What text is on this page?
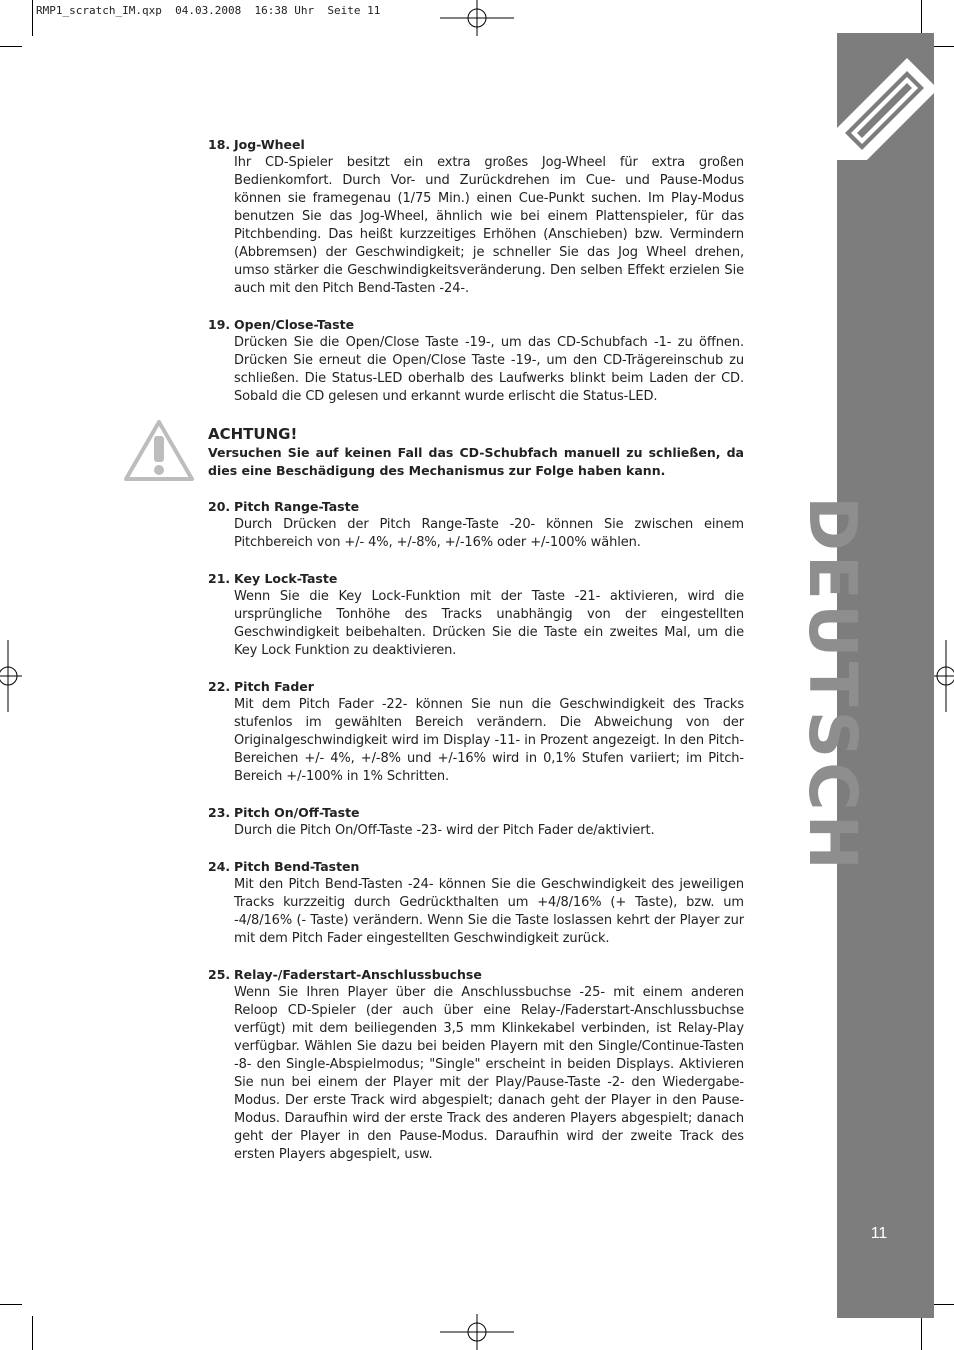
RMP1_scratch_IM.qxp  04.03.2008  16:38 Uhr  Seite 11
DEUTSCH
11
18. Jog-Wheel
Ihr CD-Spieler besitzt ein extra großes Jog-Wheel für extra großen Bedienkomfort. Durch Vor- und Zurückdrehen im Cue- und Pause-Modus können sie framegenau (1/75 Min.) einen Cue-Punkt suchen. Im Play-Modus benutzen Sie das Jog-Wheel, ähnlich wie bei einem Plattenspieler, für das Pitchbending. Das heißt kurzzeitiges Erhöhen (Anschieben) bzw. Vermindern (Abbremsen) der Geschwindigkeit; je schneller Sie das Jog Wheel drehen, umso stärker die Geschwindigkeitsveränderung. Den selben Effekt erzielen Sie auch mit den Pitch Bend-Tasten -24-.
19. Open/Close-Taste
Drücken Sie die Open/Close Taste -19-, um das CD-Schubfach -1- zu öffnen. Drücken Sie erneut die Open/Close Taste -19-, um den CD-Trägereinschub zu schließen. Die Status-LED oberhalb des Laufwerks blinkt beim Laden der CD. Sobald die CD gelesen und erkannt wurde erlischt die Status-LED.
ACHTUNG!
Versuchen Sie auf keinen Fall das CD-Schubfach manuell zu schließen, da dies eine Beschädigung des Mechanismus zur Folge haben kann.
20. Pitch Range-Taste
Durch Drücken der Pitch Range-Taste -20- können Sie zwischen einem Pitchbereich von +/- 4%, +/-8%, +/-16% oder +/-100% wählen.
21. Key Lock-Taste
Wenn Sie die Key Lock-Funktion mit der Taste -21- aktivieren, wird die ursprüngliche Tonhöhe des Tracks unabhängig von der eingestellten Geschwindigkeit beibehalten. Drücken Sie die Taste ein zweites Mal, um die Key Lock Funktion zu deaktivieren.
22. Pitch Fader
Mit dem Pitch Fader -22- können Sie nun die Geschwindigkeit des Tracks stufenlos im gewählten Bereich verändern. Die Abweichung von der Originalgeschwindigkeit wird im Display -11- in Prozent angezeigt. In den Pitch-Bereichen +/- 4%, +/-8% und +/-16% wird in 0,1% Stufen variiert; im Pitch-Bereich +/-100% in 1% Schritten.
23. Pitch On/Off-Taste
Durch die Pitch On/Off-Taste -23- wird der Pitch Fader de/aktiviert.
24. Pitch Bend-Tasten
Mit den Pitch Bend-Tasten -24- können Sie die Geschwindigkeit des jeweiligen Tracks kurzzeitig durch Gedrückthalten um +4/8/16% (+ Taste), bzw. um -4/8/16% (- Taste) verändern. Wenn Sie die Taste loslassen kehrt der Player zur mit dem Pitch Fader eingestellten Geschwindigkeit zurück.
25. Relay-/Faderstart-Anschlussbuchse
Wenn Sie Ihren Player über die Anschlussbuchse -25- mit einem anderen Reloop CD-Spieler (der auch über eine Relay-/Faderstart-Anschlussbuchse verfügt) mit dem beiliegenden 3,5 mm Klinkekabel verbinden, ist Relay-Play verfügbar. Wählen Sie dazu bei beiden Playern mit den Single/Continue-Tasten -8- den Single-Abspielmodus; "Single" erscheint in beiden Displays. Aktivieren Sie nun bei einem der Player mit der Play/Pause-Taste -2- den Wiedergabe-Modus. Der erste Track wird abgespielt; danach geht der Player in den Pause-Modus. Daraufhin wird der erste Track des anderen Players abgespielt; danach geht der Player in den Pause-Modus. Daraufhin wird der zweite Track des ersten Players abgespielt, usw.
